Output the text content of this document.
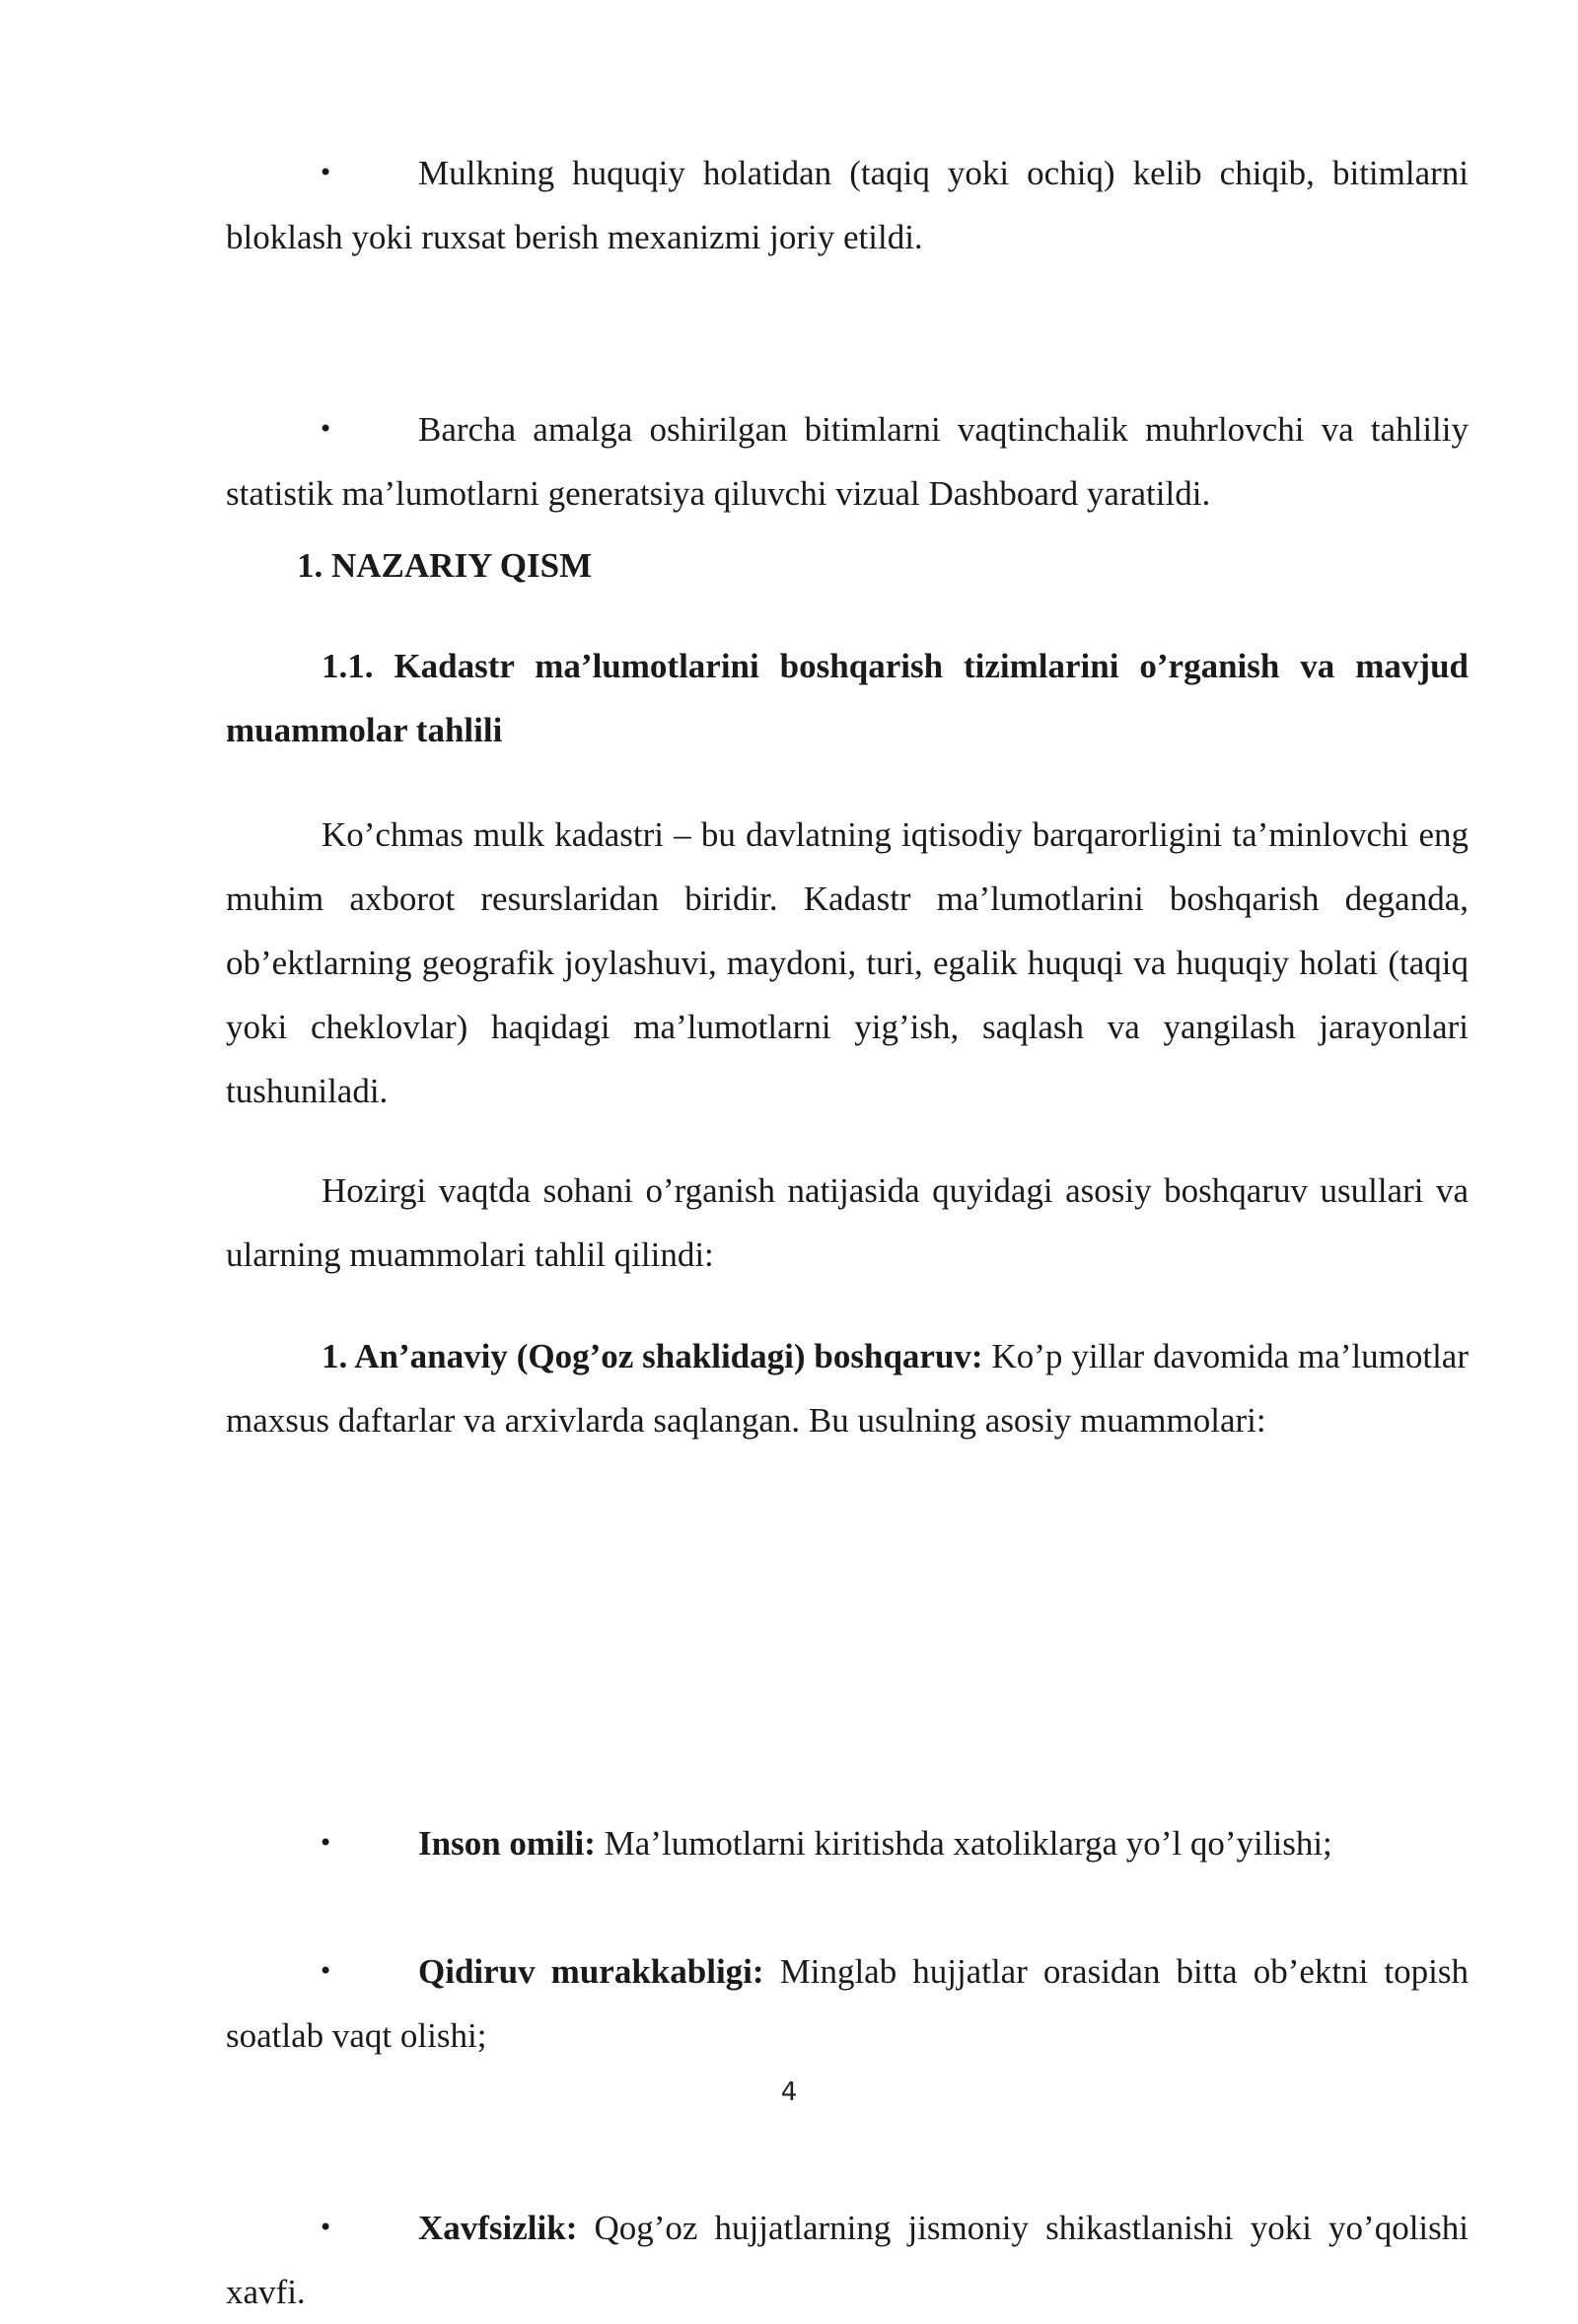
• Mulkning huquqiy holatidan (taqiq yoki ochiq) kelib chiqib, bitimlarni bloklash yoki ruxsat berish mexanizmi joriy etildi.
• Barcha amalga oshirilgan bitimlarni vaqtinchalik muhrlovchi va tahliliy statistik ma’lumotlarni generatsiya qiluvchi vizual Dashboard yaratildi.
1. NAZARIY QISM
1.1. Kadastr ma’lumotlarini boshqarish tizimlarini o’rganish va mavjud muammolar tahlili
Ko’chmas mulk kadastri – bu davlatning iqtisodiy barqarorligini ta’minlovchi eng muhim axborot resurslaridan biridir. Kadastr ma’lumotlarini boshqarish deganda, ob’ektlarning geografik joylashuvi, maydoni, turi, egalik huquqi va huquqiy holati (taqiq yoki cheklovlar) haqidagi ma’lumotlarni yig’ish, saqlash va yangilash jarayonlari tushuniladi.
Hozirgi vaqtda sohani o’rganish natijasida quyidagi asosiy boshqaruv usullari va ularning muammolari tahlil qilindi:
1. An’anaviy (Qog’oz shaklidagi) boshqaruv: Ko’p yillar davomida ma’lumotlar maxsus daftarlar va arxivlarda saqlangan. Bu usulning asosiy muammolari:
• Inson omili: Ma’lumotlarni kiritishda xatoliklarga yo’l qo’yilishi;
• Qidiruv murakkabligi: Minglab hujjatlar orasidan bitta ob’ektni topish soatlab vaqt olishi;
• Xavfsizlik: Qog’oz hujjatlarning jismoniy shikastlanishi yoki yo’qolishi xavfi.
4
